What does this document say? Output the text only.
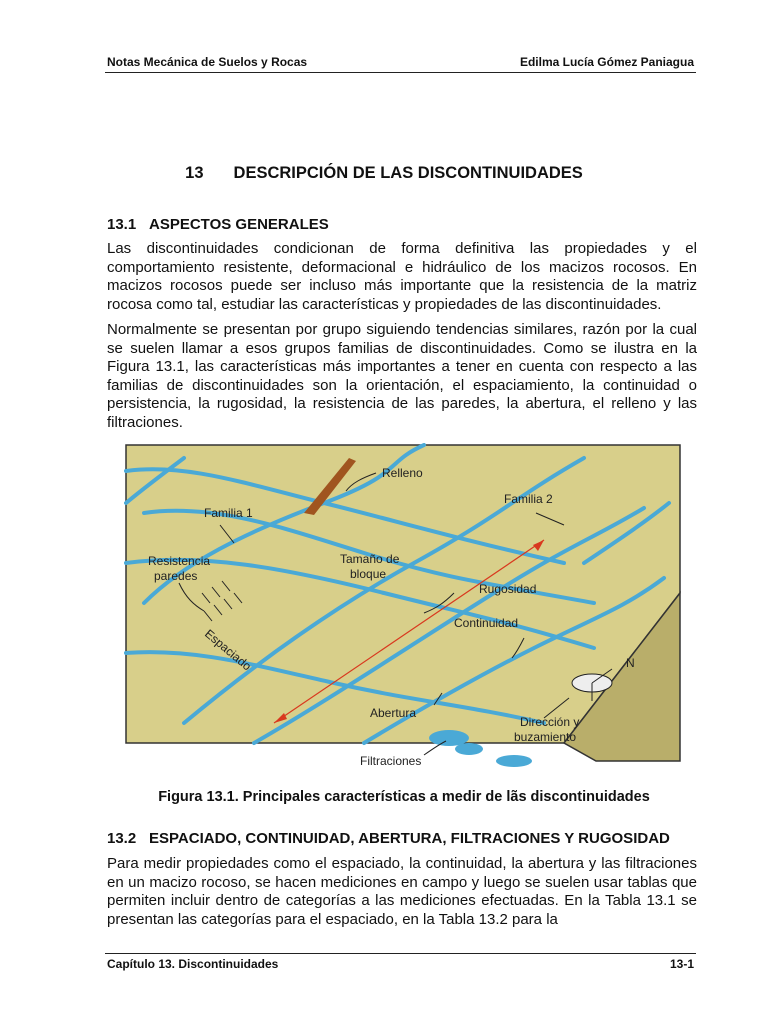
Notas Mecánica de Suelos y Rocas	Edilma Lucía Gómez Paniagua
13 DESCRIPCIÓN DE LAS DISCONTINUIDADES
13.1 ASPECTOS GENERALES

Las discontinuidades condicionan de forma definitiva las propiedades y el comportamiento resistente, deformacional e hidráulico de los macizos rocosos. En macizos rocosos puede ser incluso más importante que la resistencia de la matriz rocosa como tal, estudiar las características y propiedades de las discontinuidades.

Normalmente se presentan por grupo siguiendo tendencias similares, razón por la cual se suelen llamar a esos grupos familias de discontinuidades. Como se ilustra en la Figura 13.1, las características más importantes a tener en cuenta con respecto a las familias de discontinuidades son la orientación, el espaciamiento, la continuidad o persistencia, la rugosidad, la resistencia de las paredes, la abertura, el relleno y las filtraciones.

Relleno
Familia 2
Familia 1
Resistencia
paredes
Tamaño de
bloque
Rugosidad
Continuidad
Espaciado
Abertura
Dirección y
buzamiento
Filtraciones
N
Figura 13.1. Principales características a medir de lãs discontinuidades
13.2 ESPACIADO, CONTINUIDAD, ABERTURA, FILTRACIONES Y RUGOSIDAD

Para medir propiedades como el espaciado, la continuidad, la abertura y las filtraciones en un macizo rocoso, se hacen mediciones en campo y luego se suelen usar tablas que permiten incluir dentro de categorías a las mediciones efectuadas. En la Tabla 13.1 se presentan las categorías para el espaciado, en la Tabla 13.2 para la

Capítulo 13. Discontinuidades	13-1
